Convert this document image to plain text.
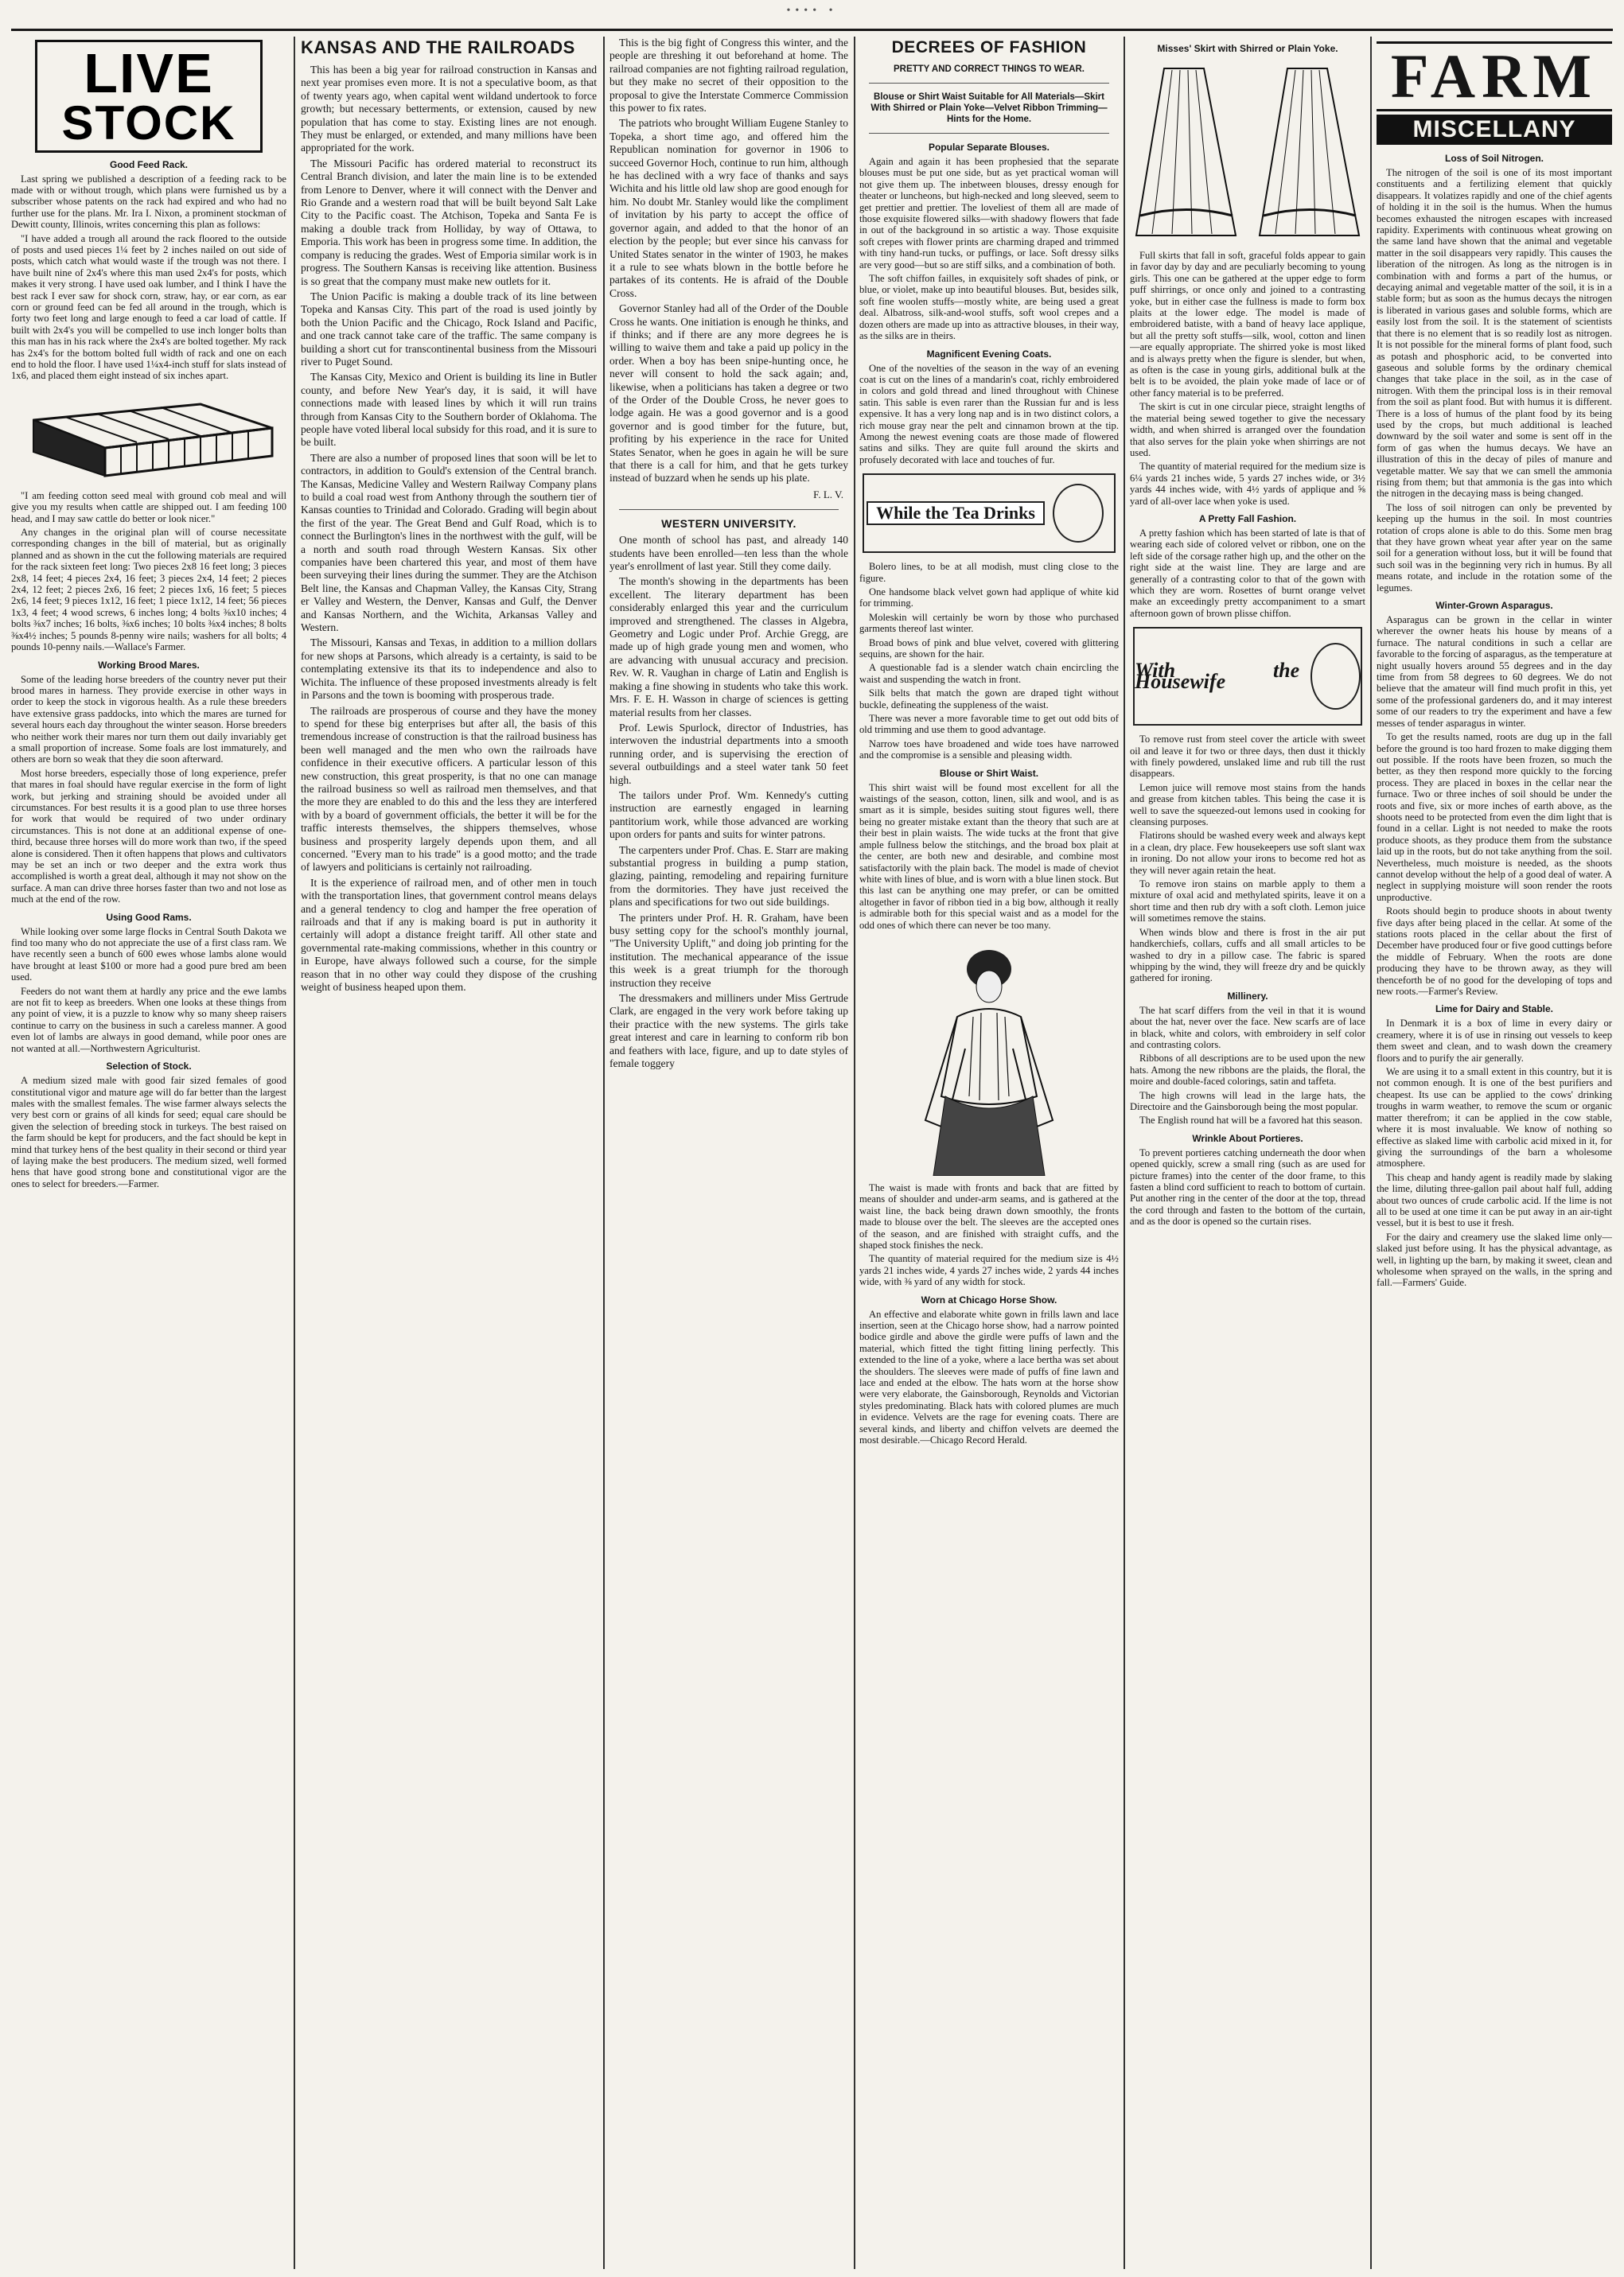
•••• •
LIVE
STOCK
Good Feed Rack.

Last spring we published a description of a feeding rack to be made with or without trough, which plans were furnished us by a subscriber whose patents on the rack had expired and who had no further use for the plans. Mr. Ira I. Nixon, a prominent stockman of Dewitt county, Illinois, writes concerning this plan as follows:

"I have added a trough all around the rack floored to the outside of posts and used pieces 1¼ feet by 2 inches nailed on out side of posts, which catch what would waste if the trough was not there. I have built nine of 2x4's where this man used 2x4's for posts, which makes it very strong. I have used oak lumber, and I think I have the best rack I ever saw for shock corn, straw, hay, or ear corn, as ear corn or ground feed can be fed all around in the trough, which is forty two feet long and large enough to feed a car load of cattle. If built with 2x4's you will be compelled to use inch longer bolts than this man has in his rack where the 2x4's are bolted together. My rack has 2x4's for the bottom bolted full width of rack and one on each end to hold the floor. I have used 1¼x4-inch stuff for slats instead of 1x6, and placed them eight instead of six inches apart.

"I am feeding cotton seed meal with ground cob meal and will give you my results when cattle are shipped out. I am feeding 100 head, and I may saw cattle do better or look nicer."

Any changes in the original plan will of course necessitate corresponding changes in the bill of material, but as originally planned and as shown in the cut the following materials are required for the rack sixteen feet long: Two pieces 2x8 16 feet long; 3 pieces 2x8, 14 feet; 4 pieces 2x4, 16 feet; 3 pieces 2x4, 14 feet; 2 pieces 2x4, 12 feet; 2 pieces 2x6, 16 feet; 2 pieces 1x6, 16 feet; 5 pieces 2x6, 14 feet; 9 pieces 1x12, 16 feet; 1 piece 1x12, 14 feet; 56 pieces 1x3, 4 feet; 4 wood screws, 6 inches long; 4 bolts ⅜x10 inches; 4 bolts ⅜x7 inches; 16 bolts, ⅜x6 inches; 10 bolts ⅜x4 inches; 8 bolts ⅜x4½ inches; 5 pounds 8-penny wire nails; washers for all bolts; 4 pounds 10-penny nails.—Wallace's Farmer.

Working Brood Mares.

Some of the leading horse breeders of the country never put their brood mares in harness. They provide exercise in other ways in order to keep the stock in vigorous health. As a rule these breeders have extensive grass paddocks, into which the mares are turned for several hours each day throughout the winter season. Horse breeders who neither work their mares nor turn them out daily invariably get a small proportion of increase. Some foals are lost immaturely, and others are born so weak that they die soon afterward.

Most horse breeders, especially those of long experience, prefer that mares in foal should have regular exercise in the form of light work, but jerking and straining should be avoided under all circumstances. For best results it is a good plan to use three horses for work that would be required of two under ordinary circumstances. This is not done at an additional expense of one-third, because three horses will do more work than two, if the speed alone is considered. Then it often happens that plows and cultivators may be set an inch or two deeper and the extra work thus accomplished is worth a great deal, although it may not show on the surface. A man can drive three horses faster than two and not lose as much at the end of the row.

Using Good Rams.

While looking over some large flocks in Central South Dakota we find too many who do not appreciate the use of a first class ram. We have recently seen a bunch of 600 ewes whose lambs alone would have brought at least $100 or more had a good pure bred am been used.

Feeders do not want them at hardly any price and the ewe lambs are not fit to keep as breeders. When one looks at these things from any point of view, it is a puzzle to know why so many sheep raisers continue to carry on the business in such a careless manner. A good even lot of lambs are always in good demand, while poor ones are not wanted at all.—Northwestern Agriculturist.

Selection of Stock.

A medium sized male with good fair sized females of good constitutional vigor and mature age will do far better than the largest males with the smallest females. The wise farmer always selects the very best corn or grains of all kinds for seed; equal care should be given the selection of breeding stock in turkeys. The best raised on the farm should be kept for producers, and the fact should be kept in mind that turkey hens of the best quality in their second or third year of laying make the best producers. The medium sized, well formed hens that have good strong bone and constitutional vigor are the ones to select for breeders.—Farmer.

KANSAS AND THE RAILROADS

This has been a big year for railroad construction in Kansas and next year promises even more. It is not a speculative boom, as that of twenty years ago, when capital went wildand undertook to force growth; but necessary betterments, or extension, caused by new population that has come to stay. Existing lines are not enough. They must be enlarged, or extended, and many millions have been appropriated for the work.

The Missouri Pacific has ordered material to reconstruct its Central Branch division, and later the main line is to be extended from Lenore to Denver, where it will connect with the Denver and Rio Grande and a western road that will be built beyond Salt Lake City to the Pacific coast. The Atchison, Topeka and Santa Fe is making a double track from Holliday, by way of Ottawa, to Emporia. This work has been in progress some time. In addition, the company is reducing the grades. West of Emporia similar work is in progress. The Southern Kansas is receiving like attention. Business is so great that the company must make new outlets for it.

The Union Pacific is making a double track of its line between Topeka and Kansas City. This part of the road is used jointly by both the Union Pacific and the Chicago, Rock Island and Pacific, and one track cannot take care of the traffic. The same company is building a short cut for transcontinental business from the Missouri river to Puget Sound.

The Kansas City, Mexico and Orient is building its line in Butler county, and before New Year's day, it is said, it will have connections made with leased lines by which it will run trains through from Kansas City to the Southern border of Oklahoma. The people have voted liberal local subsidy for this road, and it is sure to be built.

There are also a number of proposed lines that soon will be let to contractors, in addition to Gould's extension of the Central branch. The Kansas, Medicine Valley and Western Railway Company plans to build a coal road west from Anthony through the southern tier of Kansas counties to Trinidad and Colorado. Grading will begin about the first of the year. The Great Bend and Gulf Road, which is to connect the Burlington's lines in the northwest with the gulf, will be a north and south road through Western Kansas. Six other companies have been chartered this year, and most of them have been surveying their lines during the summer. They are the Atchison Belt line, the Kansas and Chapman Valley, the Kansas City, Strang er Valley and Western, the Denver, Kansas and Gulf, the Denver and Kansas Northern, and the Wichita, Arkansas Valley and Western.

The Missouri, Kansas and Texas, in addition to a million dollars for new shops at Parsons, which already is a certainty, is said to be contemplating extensive its that its to independence and also to Wichita. The influence of these proposed investments already is felt in Parsons and the town is booming with prosperous trade.

The railroads are prosperous of course and they have the money to spend for these big enterprises but after all, the basis of this tremendous increase of construction is that the railroad business has been well managed and the men who own the railroads have confidence in their executive officers. A particular lesson of this new construction, this great prosperity, is that no one can manage the railroad business so well as railroad men themselves, and that the more they are enabled to do this and the less they are interfered with by a board of government officials, the better it will be for the traffic interests themselves, the shippers themselves, whose business and prosperity largely depends upon them, and all concerned. "Every man to his trade" is a good motto; and the trade of lawyers and politicians is certainly not railroading.

It is the experience of railroad men, and of other men in touch with the transportation lines, that government control means delays and a general tendency to clog and hamper the free operation of railroads and that if any is making board is put in authority it certainly will adopt a distance freight tariff. All other state and governmental rate-making commissions, whether in this country or in Europe, have always followed such a course, for the simple reason that in no other way could they dispose of the crushing weight of business heaped upon them.

This is the big fight of Congress this winter, and the people are threshing it out beforehand at home. The railroad companies are not fighting railroad regulation, but they make no secret of their opposition to the proposal to give the Interstate Commerce Commission this power to fix rates.

The patriots who brought William Eugene Stanley to Topeka, a short time ago, and offered him the Republican nomination for governor in 1906 to succeed Governor Hoch, continue to run him, although he has declined with a wry face of thanks and says Wichita and his little old law shop are good enough for him. No doubt Mr. Stanley would like the compliment of invitation by his party to accept the office of governor again, and added to that the honor of an election by the people; but ever since his canvass for United States senator in the winter of 1903, he makes it a rule to see whats blown in the bottle before he partakes of its contents. He is afraid of the Double Cross.

Governor Stanley had all of the Order of the Double Cross he wants. One initiation is enough he thinks, and if thinks; and if there are any more degrees he is willing to waive them and take a paid up policy in the order. When a boy has been snipe-hunting once, he never will consent to hold the sack again; and, likewise, when a politicians has taken a degree or two of the Order of the Double Cross, he never goes to lodge again. He was a good governor and is a good governor and is good timber for the future, but, profiting by his experience in the race for United States Senator, when he goes in again he will be sure that there is a call for him, and that he gets turkey instead of buzzard when he sends up his plate.

F. L. V.
WESTERN UNIVERSITY.

One month of school has past, and already 140 students have been enrolled—ten less than the whole year's enrollment of last year. Still they come daily.

The month's showing in the departments has been excellent. The literary department has been considerably enlarged this year and the curriculum improved and strengthened. The classes in Algebra, Geometry and Logic under Prof. Archie Gregg, are made up of high grade young men and women, who are advancing with unusual accuracy and precision. Rev. W. R. Vaughan in charge of Latin and English is making a fine showing in students who take this work. Mrs. F. E. H. Wasson in charge of sciences is getting material results from her classes.

Prof. Lewis Spurlock, director of Industries, has interwoven the industrial departments into a smooth running order, and is supervising the erection of several outbuildings and a steel water tank 50 feet high.

The tailors under Prof. Wm. Kennedy's cutting instruction are earnestly engaged in learning pantitorium work, while those advanced are working upon orders for pants and suits for winter patrons.

The carpenters under Prof. Chas. E. Starr are making substantial progress in building a pump station, glazing, painting, remodeling and repairing furniture from the dormitories. They have just received the plans and specifications for two out side buildings.

The printers under Prof. H. R. Graham, have been busy setting copy for the school's monthly journal, "The University Uplift," and doing job printing for the institution. The mechanical appearance of the issue this week is a great triumph for the thorough instruction they receive

The dressmakers and milliners under Miss Gertrude Clark, are engaged in the very work before taking up their practice with the new systems. The girls take great interest and care in learning to conform rib bon and feathers with lace, figure, and up to date styles of female toggery

DECREES OF FASHION
PRETTY AND CORRECT THINGS TO WEAR.
Blouse or Shirt Waist Suitable for All Materials—Skirt With Shirred or Plain Yoke—Velvet Ribbon Trimming—Hints for the Home.
Popular Separate Blouses.

Again and again it has been prophesied that the separate blouses must be put one side, but as yet practical woman will not give them up. The inbetween blouses, dressy enough for theater or luncheons, but high-necked and long sleeved, seem to get prettier and prettier. The loveliest of them all are made of those exquisite flowered silks—with shadowy flowers that fade in out of the background in so artistic a way. Those exquisite soft crepes with flower prints are charming draped and trimmed with tiny hand-run tucks, or puffings, or lace. Soft dressy silks are very good—but so are stiff silks, and a combination of both.

The soft chiffon failles, in exquisitely soft shades of pink, or blue, or violet, make up into beautiful blouses. But, besides silk, soft fine woolen stuffs—mostly white, are being used a great deal. Albatross, silk-and-wool stuffs, soft wool crepes and a dozen others are made up into as attractive blouses, in their way, as the silks are in theirs.

Magnificent Evening Coats.

One of the novelties of the season in the way of an evening coat is cut on the lines of a mandarin's coat, richly embroidered in colors and gold thread and lined throughout with Chinese satin. This sable is even rarer than the Russian fur and is less expensive. It has a very long nap and is in two distinct colors, a rich mouse gray near the pelt and cinnamon brown at the tip. Among the newest evening coats are those made of flowered satins and silks. They are quite full around the skirts and profusely decorated with lace and touches of fur.

While the Tea Drinks

Bolero lines, to be at all modish, must cling close to the figure.

One handsome black velvet gown had applique of white kid for trimming.

Moleskin will certainly be worn by those who purchased garments thereof last winter.

Broad bows of pink and blue velvet, covered with glittering sequins, are shown for the hair.

A questionable fad is a slender watch chain encircling the waist and suspending the watch in front.

Silk belts that match the gown are draped tight without buckle, defineating the suppleness of the waist.

There was never a more favorable time to get out odd bits of old trimming and use them to good advantage.

Narrow toes have broadened and wide toes have narrowed and the compromise is a sensible and pleasing width.

Blouse or Shirt Waist.

This shirt waist will be found most excellent for all the waistings of the season, cotton, linen, silk and wool, and is as smart as it is simple, besides suiting stout figures well, there being no greater mistake extant than the theory that such are at their best in plain waists. The wide tucks at the front that give ample fullness below the stitchings, and the broad box plait at the center, are both new and desirable, and combine most satisfactorily with the plain back. The model is made of cheviot white with lines of blue, and is worn with a blue linen stock. But this last can be anything one may prefer, or can be omitted altogether in favor of ribbon tied in a big bow, although it really is admirable both for this special waist and as a model for the odd ones of which there can never be too many.

The waist is made with fronts and back that are fitted by means of shoulder and under-arm seams, and is gathered at the waist line, the back being drawn down smoothly, the fronts made to blouse over the belt. The sleeves are the accepted ones of the season, and are finished with straight cuffs, and the shaped stock finishes the neck.

The quantity of material required for the medium size is 4½ yards 21 inches wide, 4 yards 27 inches wide, 2 yards 44 inches wide, with ⅜ yard of any width for stock.

Worn at Chicago Horse Show.

An effective and elaborate white gown in frills lawn and lace insertion, seen at the Chicago horse show, had a narrow pointed bodice girdle and above the girdle were puffs of lawn and the material, which fitted the tight fitting lining perfectly. This extended to the line of a yoke, where a lace bertha was set about the shoulders. The sleeves were made of puffs of fine lawn and lace and ended at the elbow. The hats worn at the horse show were very elaborate, the Gainsborough, Reynolds and Victorian styles predominating. Black hats with colored plumes are much in evidence. Velvets are the rage for evening coats. There are several kinds, and liberty and chiffon velvets are deemed the most desirable.—Chicago Record Herald.

Misses' Skirt with Shirred or Plain Yoke.

Full skirts that fall in soft, graceful folds appear to gain in favor day by day and are peculiarly becoming to young girls. This one can be gathered at the upper edge to form puff shirrings, or once only and joined to a contrasting yoke, but in either case the fullness is made to form box plaits at the lower edge. The model is made of embroidered batiste, with a band of heavy lace applique, but all the pretty soft stuffs—silk, wool, cotton and linen—are equally appropriate. The shirred yoke is most liked and is always pretty when the figure is slender, but when, as often is the case in young girls, additional bulk at the belt is to be avoided, the plain yoke made of lace or of other fancy material is to be preferred.

The skirt is cut in one circular piece, straight lengths of the material being sewed together to give the necessary width, and when shirred is arranged over the foundation that also serves for the plain yoke when shirrings are not used.

The quantity of material required for the medium size is 6¼ yards 21 inches wide, 5 yards 27 inches wide, or 3½ yards 44 inches wide, with 4½ yards of applique and ⅝ yard of all-over lace when yoke is used.

A Pretty Fall Fashion.

A pretty fashion which has been started of late is that of wearing each side of colored velvet or ribbon, one on the left side of the corsage rather high up, and the other on the right side at the waist line. They are large and are generally of a contrasting color to that of the gown with which they are worn. Rosettes of burnt orange velvet make an exceedingly pretty accompaniment to a smart afternoon gown of brown plisse chiffon.

With the Housewife

To remove rust from steel cover the article with sweet oil and leave it for two or three days, then dust it thickly with finely powdered, unslaked lime and rub till the rust disappears.

Lemon juice will remove most stains from the hands and grease from kitchen tables. This being the case it is well to save the squeezed-out lemons used in cooking for cleansing purposes.

Flatirons should be washed every week and always kept in a clean, dry place. Few housekeepers use soft slant wax in ironing. Do not allow your irons to become red hot as they will never again retain the heat.

To remove iron stains on marble apply to them a mixture of oxal acid and methylated spirits, leave it on a short time and then rub dry with a soft cloth. Lemon juice will sometimes remove the stains.

When winds blow and there is frost in the air put handkerchiefs, collars, cuffs and all small articles to be washed to dry in a pillow case. The fabric is spared whipping by the wind, they will freeze dry and be quickly gathered for ironing.

Millinery.

The hat scarf differs from the veil in that it is wound about the hat, never over the face. New scarfs are of lace in black, white and colors, with embroidery in self color and contrasting colors.

Ribbons of all descriptions are to be used upon the new hats. Among the new ribbons are the plaids, the floral, the moire and double-faced colorings, satin and taffeta.

The high crowns will lead in the large hats, the Directoire and the Gainsborough being the most popular.

The English round hat will be a favored hat this season.

Wrinkle About Portieres.

To prevent portieres catching underneath the door when opened quickly, screw a small ring (such as are used for picture frames) into the center of the door frame, to this fasten a blind cord sufficient to reach to bottom of curtain. Put another ring in the center of the door at the top, thread the cord through and fasten to the bottom of the curtain, and as the door is opened so the curtain rises.

FARM
MISCELLANY
Loss of Soil Nitrogen.

The nitrogen of the soil is one of its most important constituents and a fertilizing element that quickly disappears. It volatizes rapidly and one of the chief agents of holding it in the soil is the humus. When the humus becomes exhausted the nitrogen escapes with increased rapidity. Experiments with continuous wheat growing on the same land have shown that the animal and vegetable matter in the soil disappears very rapidly. This causes the liberation of the nitrogen. As long as the nitrogen is in combination with and forms a part of the humus, or decaying animal and vegetable matter of the soil, it is in a stable form; but as soon as the humus decays the nitrogen is liberated in various gases and soluble forms, which are easily lost from the soil. It is the statement of scientists that there is no element that is so readily lost as nitrogen. It is not possible for the mineral forms of plant food, such as potash and phosphoric acid, to be converted into gaseous and soluble forms by the ordinary chemical changes that take place in the soil, as in the case of nitrogen. With them the principal loss is in their removal from the soil as plant food. But with humus it is different. There is a loss of humus of the plant food by its being used by the crops, but much additional is leached downward by the soil water and some is sent off in the form of gas when the humus decays. We have an illustration of this in the decay of piles of manure and vegetable matter. We say that we can smell the ammonia rising from them; but that ammonia is the gas into which the nitrogen in the decaying mass is being changed.

The loss of soil nitrogen can only be prevented by keeping up the humus in the soil. In most countries rotation of crops alone is able to do this. Some men brag that they have grown wheat year after year on the same soil for a generation without loss, but it will be found that such soil was in the beginning very rich in humus. By all means rotate, and include in the rotation some of the legumes.

Winter-Grown Asparagus.

Asparagus can be grown in the cellar in winter wherever the owner heats his house by means of a furnace. The natural conditions in such a cellar are favorable to the forcing of asparagus, as the temperature at night usually hovers around 55 degrees and in the day time from from 58 degrees to 60 degrees. We do not believe that the amateur will find much profit in this, yet some of the professional gardeners do, and it may interest some of our readers to try the experiment and have a few messes of tender asparagus in winter.

To get the results named, roots are dug up in the fall before the ground is too hard frozen to make digging them out possible. If the roots have been frozen, so much the better, as they then respond more quickly to the forcing process. They are placed in boxes in the cellar near the furnace. Two or three inches of soil should be under the roots and five, six or more inches of earth above, as the shoots need to be protected from even the dim light that is found in a cellar. Light is not needed to make the roots produce shoots, as they produce them from the substance laid up in the roots, but do not take anything from the soil. Nevertheless, much moisture is needed, as the shoots cannot develop without the help of a good deal of water. A neglect in supplying moisture will soon render the roots unproductive.

Roots should begin to produce shoots in about twenty five days after being placed in the cellar. At some of the stations roots placed in the cellar about the first of December have produced four or five good cuttings before the middle of February. When the roots are done producing they have to be thrown away, as they will thenceforth be of no good for the developing of tops and new roots.—Farmer's Review.

Lime for Dairy and Stable.

In Denmark it is a box of lime in every dairy or creamery, where it is of use in rinsing out vessels to keep them sweet and clean, and to wash down the creamery floors and to purify the air generally.

We are using it to a small extent in this country, but it is not common enough. It is one of the best purifiers and cheapest. Its use can be applied to the cows' drinking troughs in warm weather, to remove the scum or organic matter therefrom; it can be applied in the cow stable, where it is most invaluable. We know of nothing so effective as slaked lime with carbolic acid mixed in it, for giving the surroundings of the barn a wholesome atmosphere.

This cheap and handy agent is readily made by slaking the lime, diluting three-gallon pail about half full, adding about two ounces of crude carbolic acid. If the lime is not all to be used at one time it can be put away in an air-tight vessel, but it is best to use it fresh.

For the dairy and creamery use the slaked lime only—slaked just before using. It has the physical advantage, as well, in lighting up the barn, by making it sweet, clean and wholesome when sprayed on the walls, in the spring and fall.—Farmers' Guide.
